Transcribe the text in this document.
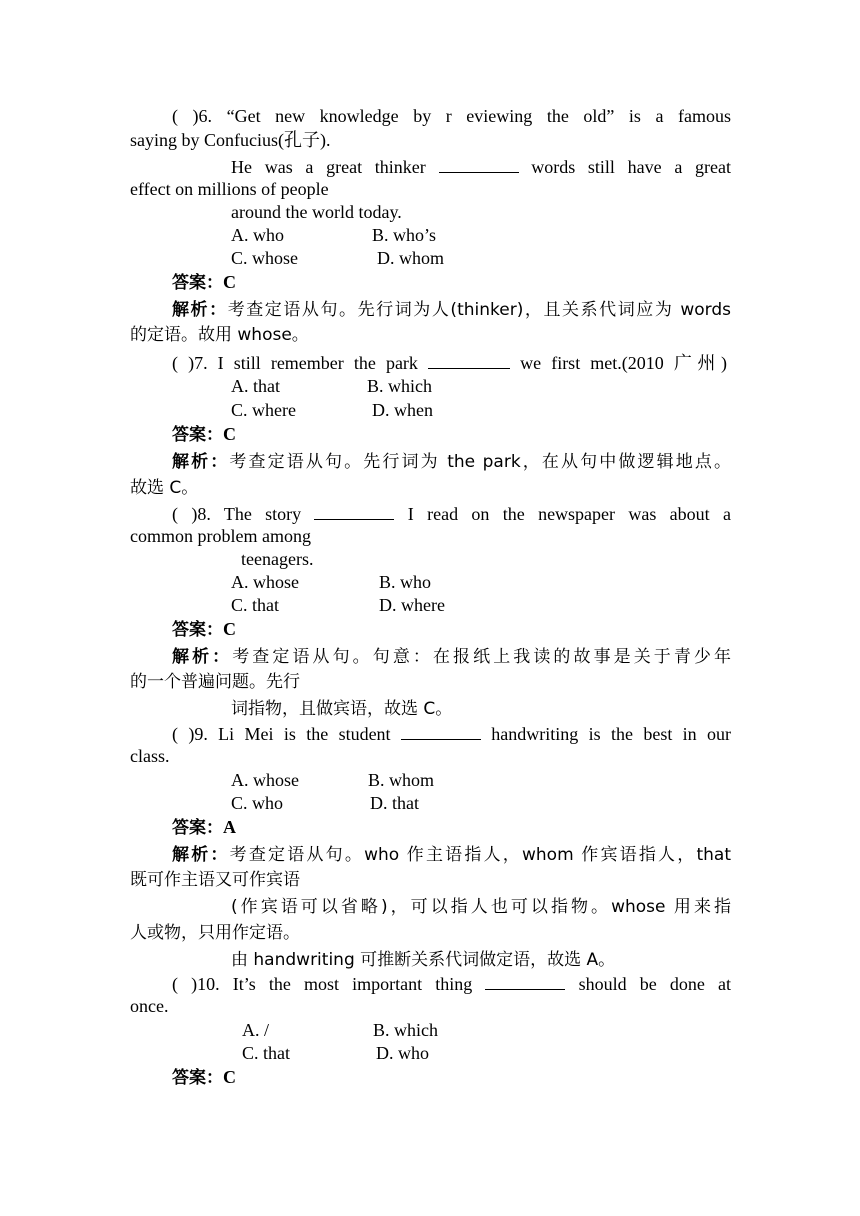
( )6. “Get new knowledge by r eviewing the old” is a famous
saying by Confucius(孔子).
He was a great thinker	words still have a great
effect on millions of people
around the world today.
A. who	B. who’s
C. whose	D. whom
答案：C
解析：考查定语从句。先行词为人(thinker)，且关系代词应为 words
的定语。故用 whose。
( )7. I still remember the park	we first met.(2010 广州)
A. that	B. which
C. where	D. when
答案：C
解析：考查定语从句。先行词为 the park，在从句中做逻辑地点。
故选 C。
( )8. The story	I read on the newspaper was about a
common problem among
teenagers.
A. whose	B. who
C. that	D. where
答案：C
解析：考查定语从句。句意：在报纸上我读的故事是关于青少年
的一个普遍问题。先行
词指物，且做宾语，故选 C。
( )9. Li Mei is the student	handwriting is the best in our
class.
A. whose	B. whom
C. who	D. that
答案：A
解析：考查定语从句。who 作主语指人，whom 作宾语指人，that
既可作主语又可作宾语
(作宾语可以省略)，可以指人也可以指物。whose 用来指
人或物，只用作定语。
由 handwriting 可推断关系代词做定语，故选 A。
( )10. It’s the most important thing	should be done at
once.
A. /	B. which
C. that	D. who
答案：C
